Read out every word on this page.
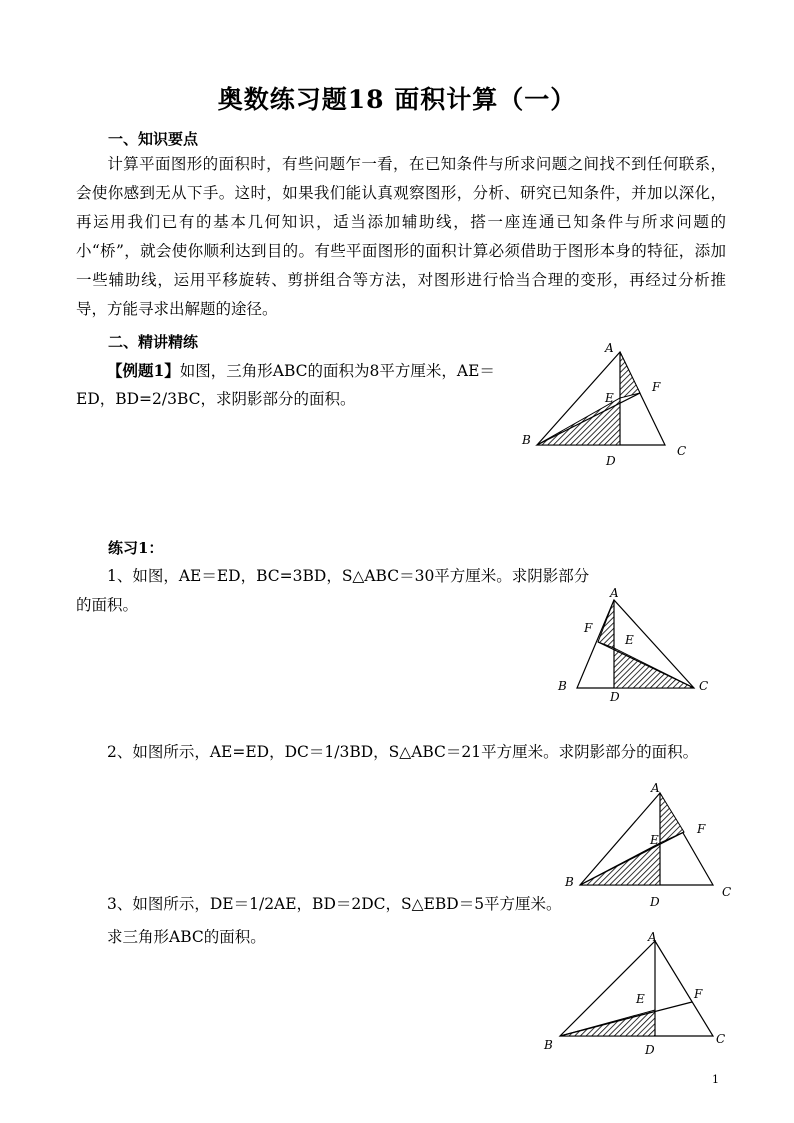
奥数练习题18 面积计算（一）
一、知识要点
计算平面图形的面积时，有些问题乍一看，在已知条件与所求问题之间找不到任何联系，会使你感到无从下手。这时，如果我们能认真观察图形，分析、研究已知条件，并加以深化，再运用我们已有的基本几何知识，适当添加辅助线，搭一座连通已知条件与所求问题的小“桥”，就会使你顺利达到目的。有些平面图形的面积计算必须借助于图形本身的特征，添加一些辅助线，运用平移旋转、剪拼组合等方法，对图形进行恰当合理的变形，再经过分析推导，方能寻求出解题的途径。
二、精讲精练
【例题1】如图，三角形ABC的面积为8平方厘米，AE＝
ED，BD=2/3BC，求阴影部分的面积。
A
B
C
D
E
F
练习1：
1、如图，AE＝ED，BC=3BD，S△ABC＝30平方厘米。求阴影部分
的面积。
A
B	C
D
E
F
2、如图所示，AE=ED，DC＝1/3BD，S△ABC＝21平方厘米。求阴影部分的面积。
A
B
C
D
E
F
3、如图所示，DE＝1/2AE，BD＝2DC，S△EBD＝5平方厘米。
求三角形ABC的面积。	A
B	C
D
E	F
1
